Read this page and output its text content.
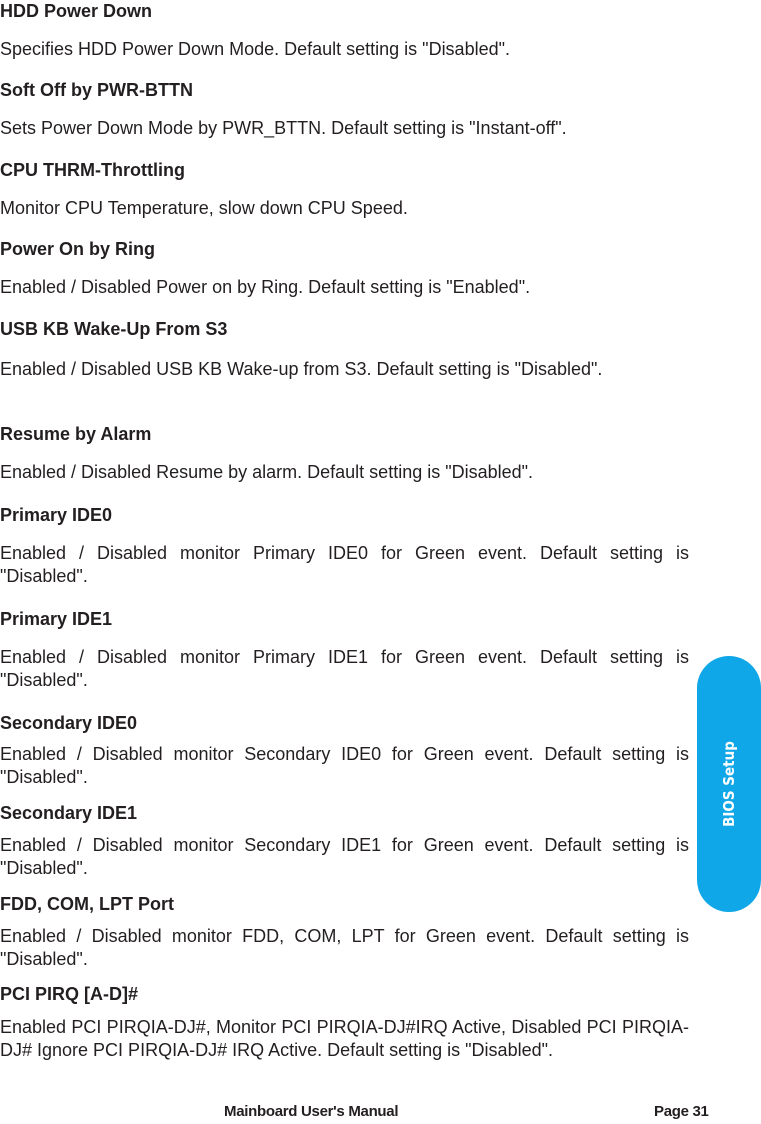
HDD Power Down
Specifies HDD Power Down Mode. Default setting is "Disabled".
Soft Off by PWR-BTTN
Sets Power Down Mode by PWR_BTTN. Default setting is "Instant-off".
CPU THRM-Throttling
Monitor CPU Temperature, slow down CPU Speed.
Power On by Ring
Enabled / Disabled Power on by Ring. Default setting is "Enabled".
USB KB Wake-Up From S3
Enabled / Disabled USB KB Wake-up from S3. Default setting is "Disabled".
Resume by Alarm
Enabled / Disabled Resume by alarm. Default setting is "Disabled".
Primary IDE0
Enabled / Disabled monitor Primary IDE0 for Green event. Default setting is "Disabled".
Primary IDE1
Enabled / Disabled monitor Primary IDE1 for Green event. Default setting is "Disabled".
Secondary IDE0
Enabled / Disabled monitor Secondary IDE0 for Green event. Default setting is "Disabled".
Secondary IDE1
Enabled / Disabled monitor Secondary IDE1 for Green event. Default setting is "Disabled".
FDD, COM, LPT Port
Enabled / Disabled monitor FDD, COM, LPT for Green event. Default setting is "Disabled".
PCI PIRQ [A-D]#
Enabled PCI PIRQIA-DJ#, Monitor PCI PIRQIA-DJ#IRQ Active, Disabled PCI PIRQIA-DJ# Ignore PCI PIRQIA-DJ# IRQ Active. Default setting is "Disabled".
BIOS Setup
Mainboard User's Manual	Page 31
